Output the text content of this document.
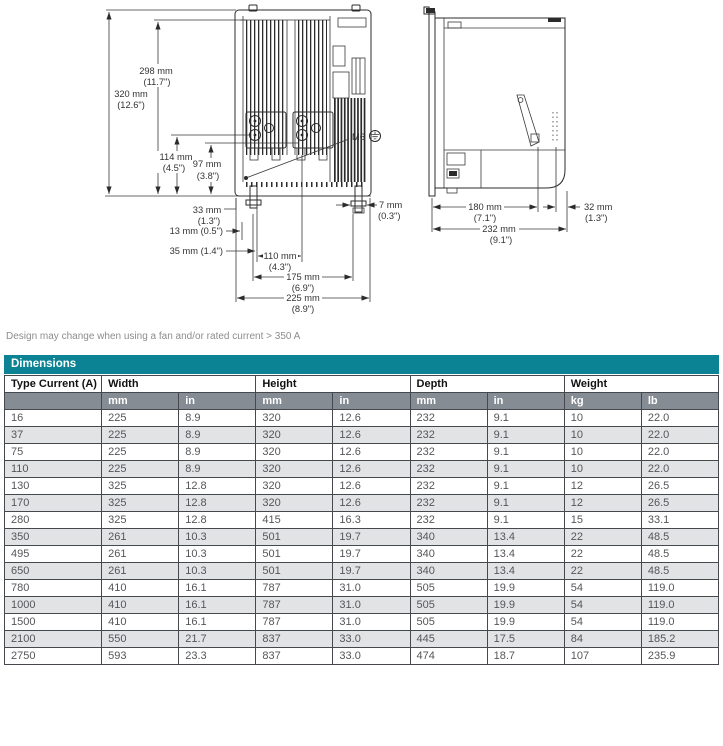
298 mm
(11.7")
320 mm
(12.6")
114 mm
(4.5") 97 mm
(3.8")
M6
33 mm
(1.3")
13 mm (0.5")
35 mm (1.4")	110 mm
(4.3")
175 mm
(6.9")
225 mm
(8.9")
7 mm
(0.3")
180 mm
(7.1")
32 mm
(1.3")
232 mm
(9.1")
Design may change when using a fan and/or rated current > 350 A
Dimensions
Type Current (A)	Width		Height		Depth		Weight	
	mm	in	mm	in	mm	in	kg	lb
16	225	8.9	320	12.6	232	9.1	10	22.0
37	225	8.9	320	12.6	232	9.1	10	22.0
75	225	8.9	320	12.6	232	9.1	10	22.0
110	225	8.9	320	12.6	232	9.1	10	22.0
130	325	12.8	320	12.6	232	9.1	12	26.5
170	325	12.8	320	12.6	232	9.1	12	26.5
280	325	12.8	415	16.3	232	9.1	15	33.1
350	261	10.3	501	19.7	340	13.4	22	48.5
495	261	10.3	501	19.7	340	13.4	22	48.5
650	261	10.3	501	19.7	340	13.4	22	48.5
780	410	16.1	787	31.0	505	19.9	54	119.0
1000	410	16.1	787	31.0	505	19.9	54	119.0
1500	410	16.1	787	31.0	505	19.9	54	119.0
2100	550	21.7	837	33.0	445	17.5	84	185.2
2750	593	23.3	837	33.0	474	18.7	107	235.9
